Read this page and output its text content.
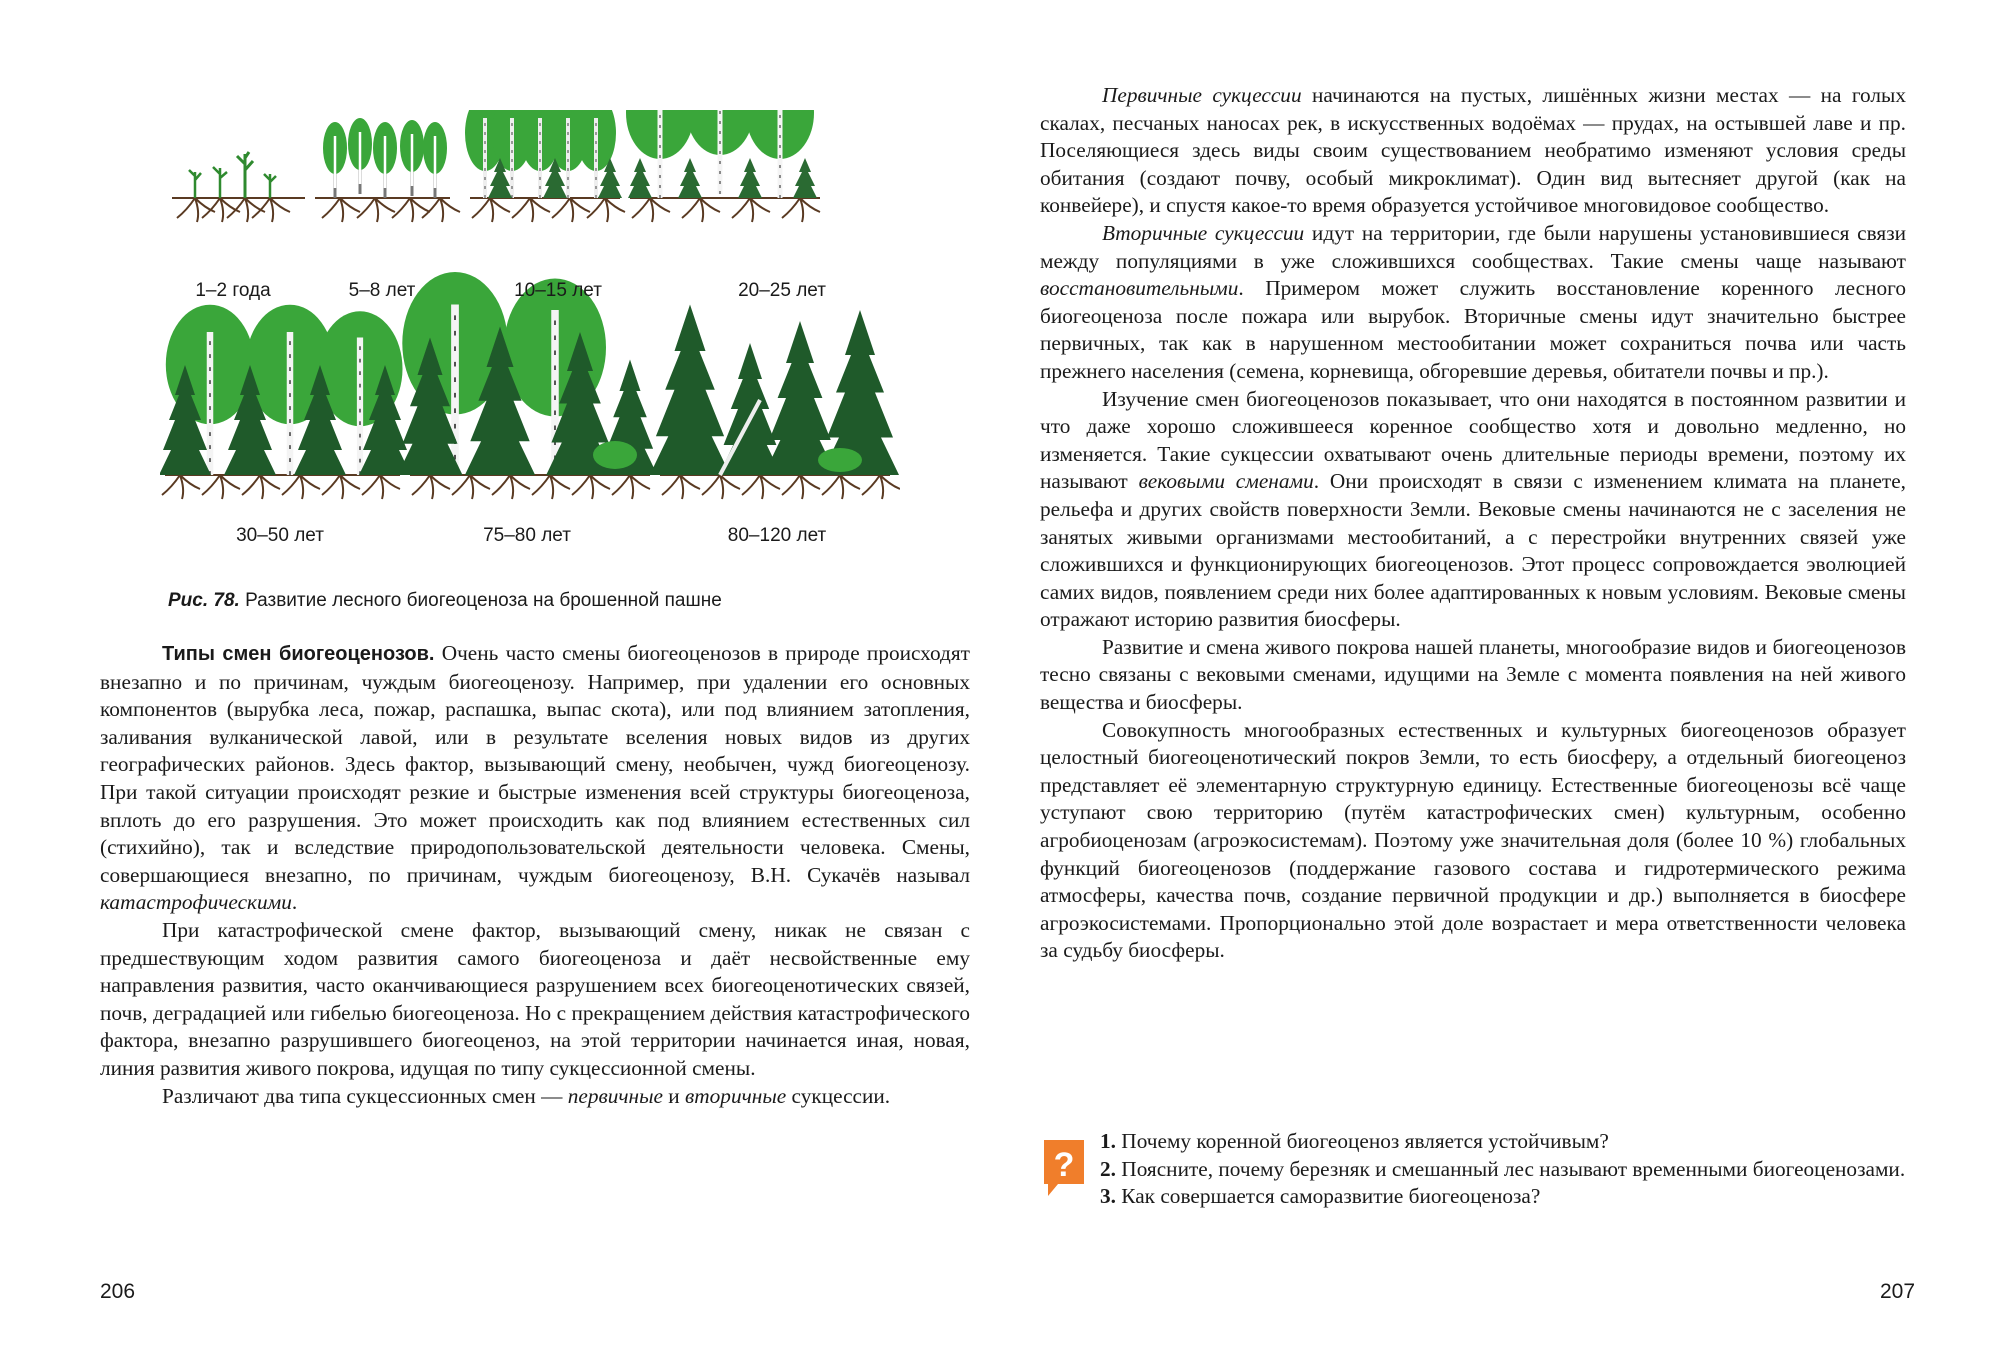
1–2 года	5–8 лет	10–15 лет	20–25 лет
30–50 лет	75–80 лет	80–120 лет
Рис. 78. Развитие лесного биогеоценоза на брошенной пашне

Типы смен биогеоценозов. Очень часто смены биогеоценозов в природе происходят внезапно и по причинам, чуждым биогеоценозу. Например, при удалении его основных компонентов (вырубка леса, пожар, распашка, выпас скота), или под влиянием затопления, заливания вулканической лавой, или в результате вселения новых видов из других географических районов. Здесь фактор, вызывающий смену, необычен, чужд биогеоценозу. При такой ситуации происходят резкие и быстрые изменения всей структуры биогеоценоза, вплоть до его разрушения. Это может происходить как под влиянием естественных сил (стихийно), так и вследствие природопользовательской деятельности человека. Смены, совершающиеся внезапно, по причинам, чуждым биогеоценозу, В.Н. Сукачёв называл катастрофическими.

При катастрофической смене фактор, вызывающий смену, никак не связан с предшествующим ходом развития самого биогеоценоза и даёт несвойственные ему направления развития, часто оканчивающиеся разрушением всех биогеоценотических связей, почв, деградацией или гибелью биогеоценоза. Но с прекращением действия катастрофического фактора, внезапно разрушившего биогеоценоз, на этой территории начинается иная, новая, линия развития живого покрова, идущая по типу сукцессионной смены.

Различают два типа сукцессионных смен — первичные и вторичные сукцессии.

206

Первичные сукцессии начинаются на пустых, лишённых жизни местах — на голых скалах, песчаных наносах рек, в искусственных водоёмах — прудах, на остывшей лаве и пр. Поселяющиеся здесь виды своим существованием необратимо изменяют условия среды обитания (создают почву, особый микроклимат). Один вид вытесняет другой (как на конвейере), и спустя какое-то время образуется устойчивое многовидовое сообщество.

Вторичные сукцессии идут на территории, где были нарушены установившиеся связи между популяциями в уже сложившихся сообществах. Такие смены чаще называют восстановительными. Примером может служить восстановление коренного лесного биогеоценоза после пожара или вырубок. Вторичные смены идут значительно быстрее первичных, так как в нарушенном местообитании может сохраниться почва или часть прежнего населения (семена, корневища, обгоревшие деревья, обитатели почвы и пр.).

Изучение смен биогеоценозов показывает, что они находятся в постоянном развитии и что даже хорошо сложившееся коренное сообщество хотя и довольно медленно, но изменяется. Такие сукцессии охватывают очень длительные периоды времени, поэтому их называют вековыми сменами. Они происходят в связи с изменением климата на планете, рельефа и других свойств поверхности Земли. Вековые смены начинаются не с заселения не занятых живыми организмами местообитаний, а с перестройки внутренних связей уже сложившихся и функционирующих биогеоценозов. Этот процесс сопровождается эволюцией самих видов, появлением среди них более адаптированных к новым условиям. Вековые смены отражают историю развития биосферы.

Развитие и смена живого покрова нашей планеты, многообразие видов и биогеоценозов тесно связаны с вековыми сменами, идущими на Земле с момента появления на ней живого вещества и биосферы.

Совокупность многообразных естественных и культурных биогеоценозов образует целостный биогеоценотический покров Земли, то есть биосферу, а отдельный биогеоценоз представляет её элементарную структурную единицу. Естественные биогеоценозы всё чаще уступают свою территорию (путём катастрофических смен) культурным, особенно агробиоценозам (агроэкосистемам). Поэтому уже значительная доля (более 10 %) глобальных функций биогеоценозов (поддержание газового состава и гидротермического режима атмосферы, качества почв, создание первичной продукции и др.) выполняется в биосфере агроэкосистемами. Пропорционально этой доле возрастает и мера ответственности человека за судьбу биосферы.

?
1. Почему коренной биогеоценоз является устойчивым?
2. Поясните, почему березняк и смешанный лес называют временными биогеоценозами.
3. Как совершается саморазвитие биогеоценоза?
207
